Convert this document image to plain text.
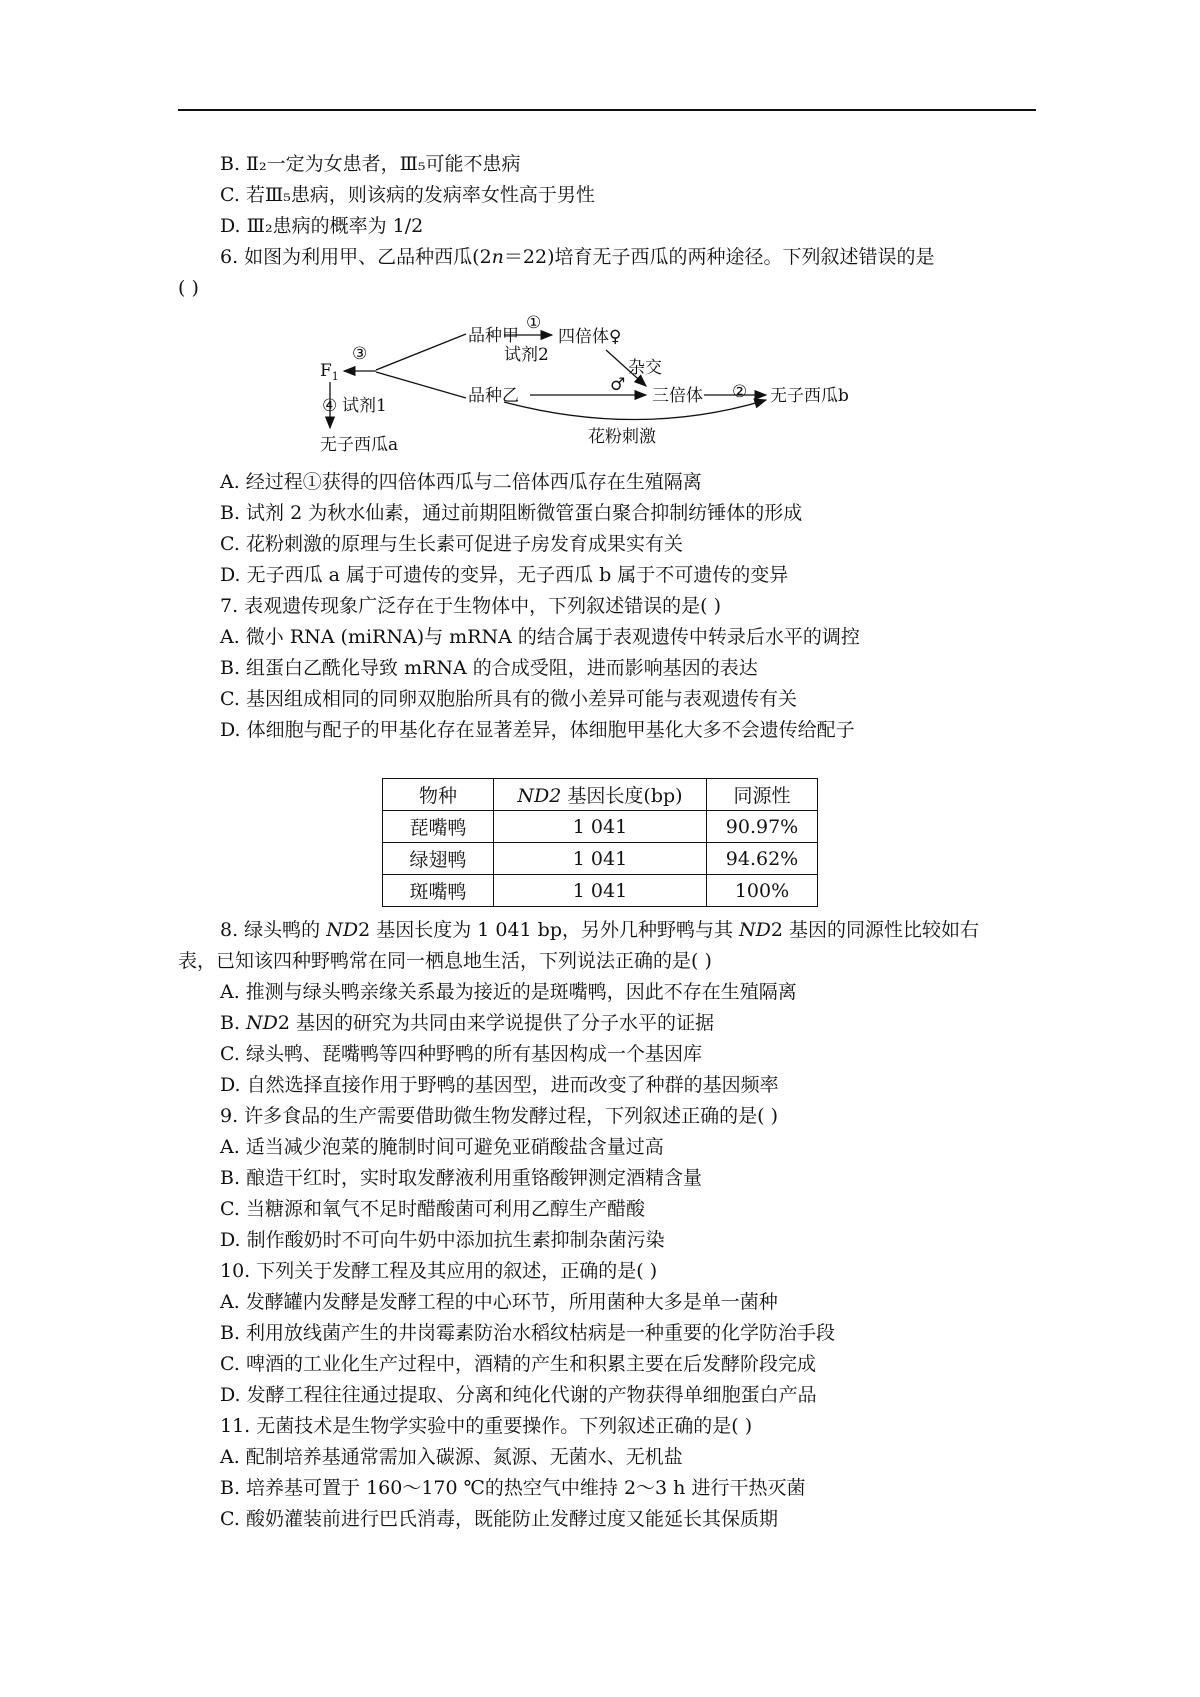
B. Ⅱ₂一定为女患者，Ⅲ₅可能不患病
C. 若Ⅲ₅患病，则该病的发病率女性高于男性
D. Ⅲ₂患病的概率为 1/2
6. 如图为利用甲、乙品种西瓜(2n＝22)培育无子西瓜的两种途径。下列叙述错误的是
( )
品种甲
品种乙
$F_1$
③
④ 试剂1
无子西瓜a
①
试剂2
四倍体♀
杂交
♂
三倍体 ② 无子西瓜b
花粉刺激
A. 经过程①获得的四倍体西瓜与二倍体西瓜存在生殖隔离
B. 试剂 2 为秋水仙素，通过前期阻断微管蛋白聚合抑制纺锤体的形成
C. 花粉刺激的原理与生长素可促进子房发育成果实有关
D. 无子西瓜 a 属于可遗传的变异，无子西瓜 b 属于不可遗传的变异
7. 表观遗传现象广泛存在于生物体中，下列叙述错误的是( )
A. 微小 RNA (miRNA)与 mRNA 的结合属于表观遗传中转录后水平的调控
B. 组蛋白乙酰化导致 mRNA 的合成受阻，进而影响基因的表达
C. 基因组成相同的同卵双胞胎所具有的微小差异可能与表观遗传有关
D. 体细胞与配子的甲基化存在显著差异，体细胞甲基化大多不会遗传给配子
物种	ND2 基因长度(bp)	同源性
琵嘴鸭	1 041	90.97%
绿翅鸭	1 041	94.62%
斑嘴鸭	1 041	100%
8. 绿头鸭的 ND2 基因长度为 1 041 bp，另外几种野鸭与其 ND2 基因的同源性比较如右
表，已知该四种野鸭常在同一栖息地生活，下列说法正确的是( )
A. 推测与绿头鸭亲缘关系最为接近的是斑嘴鸭，因此不存在生殖隔离
B. ND2 基因的研究为共同由来学说提供了分子水平的证据
C. 绿头鸭、琵嘴鸭等四种野鸭的所有基因构成一个基因库
D. 自然选择直接作用于野鸭的基因型，进而改变了种群的基因频率
9. 许多食品的生产需要借助微生物发酵过程，下列叙述正确的是( )
A. 适当减少泡菜的腌制时间可避免亚硝酸盐含量过高
B. 酿造干红时，实时取发酵液利用重铬酸钾测定酒精含量
C. 当糖源和氧气不足时醋酸菌可利用乙醇生产醋酸
D. 制作酸奶时不可向牛奶中添加抗生素抑制杂菌污染
10. 下列关于发酵工程及其应用的叙述，正确的是( )
A. 发酵罐内发酵是发酵工程的中心环节，所用菌种大多是单一菌种
B. 利用放线菌产生的井岗霉素防治水稻纹枯病是一种重要的化学防治手段
C. 啤酒的工业化生产过程中，酒精的产生和积累主要在后发酵阶段完成
D. 发酵工程往往通过提取、分离和纯化代谢的产物获得单细胞蛋白产品
11. 无菌技术是生物学实验中的重要操作。下列叙述正确的是( )
A. 配制培养基通常需加入碳源、氮源、无菌水、无机盐
B. 培养基可置于 160～170 ℃的热空气中维持 2～3 h 进行干热灭菌
C. 酸奶灌装前进行巴氏消毒，既能防止发酵过度又能延长其保质期
